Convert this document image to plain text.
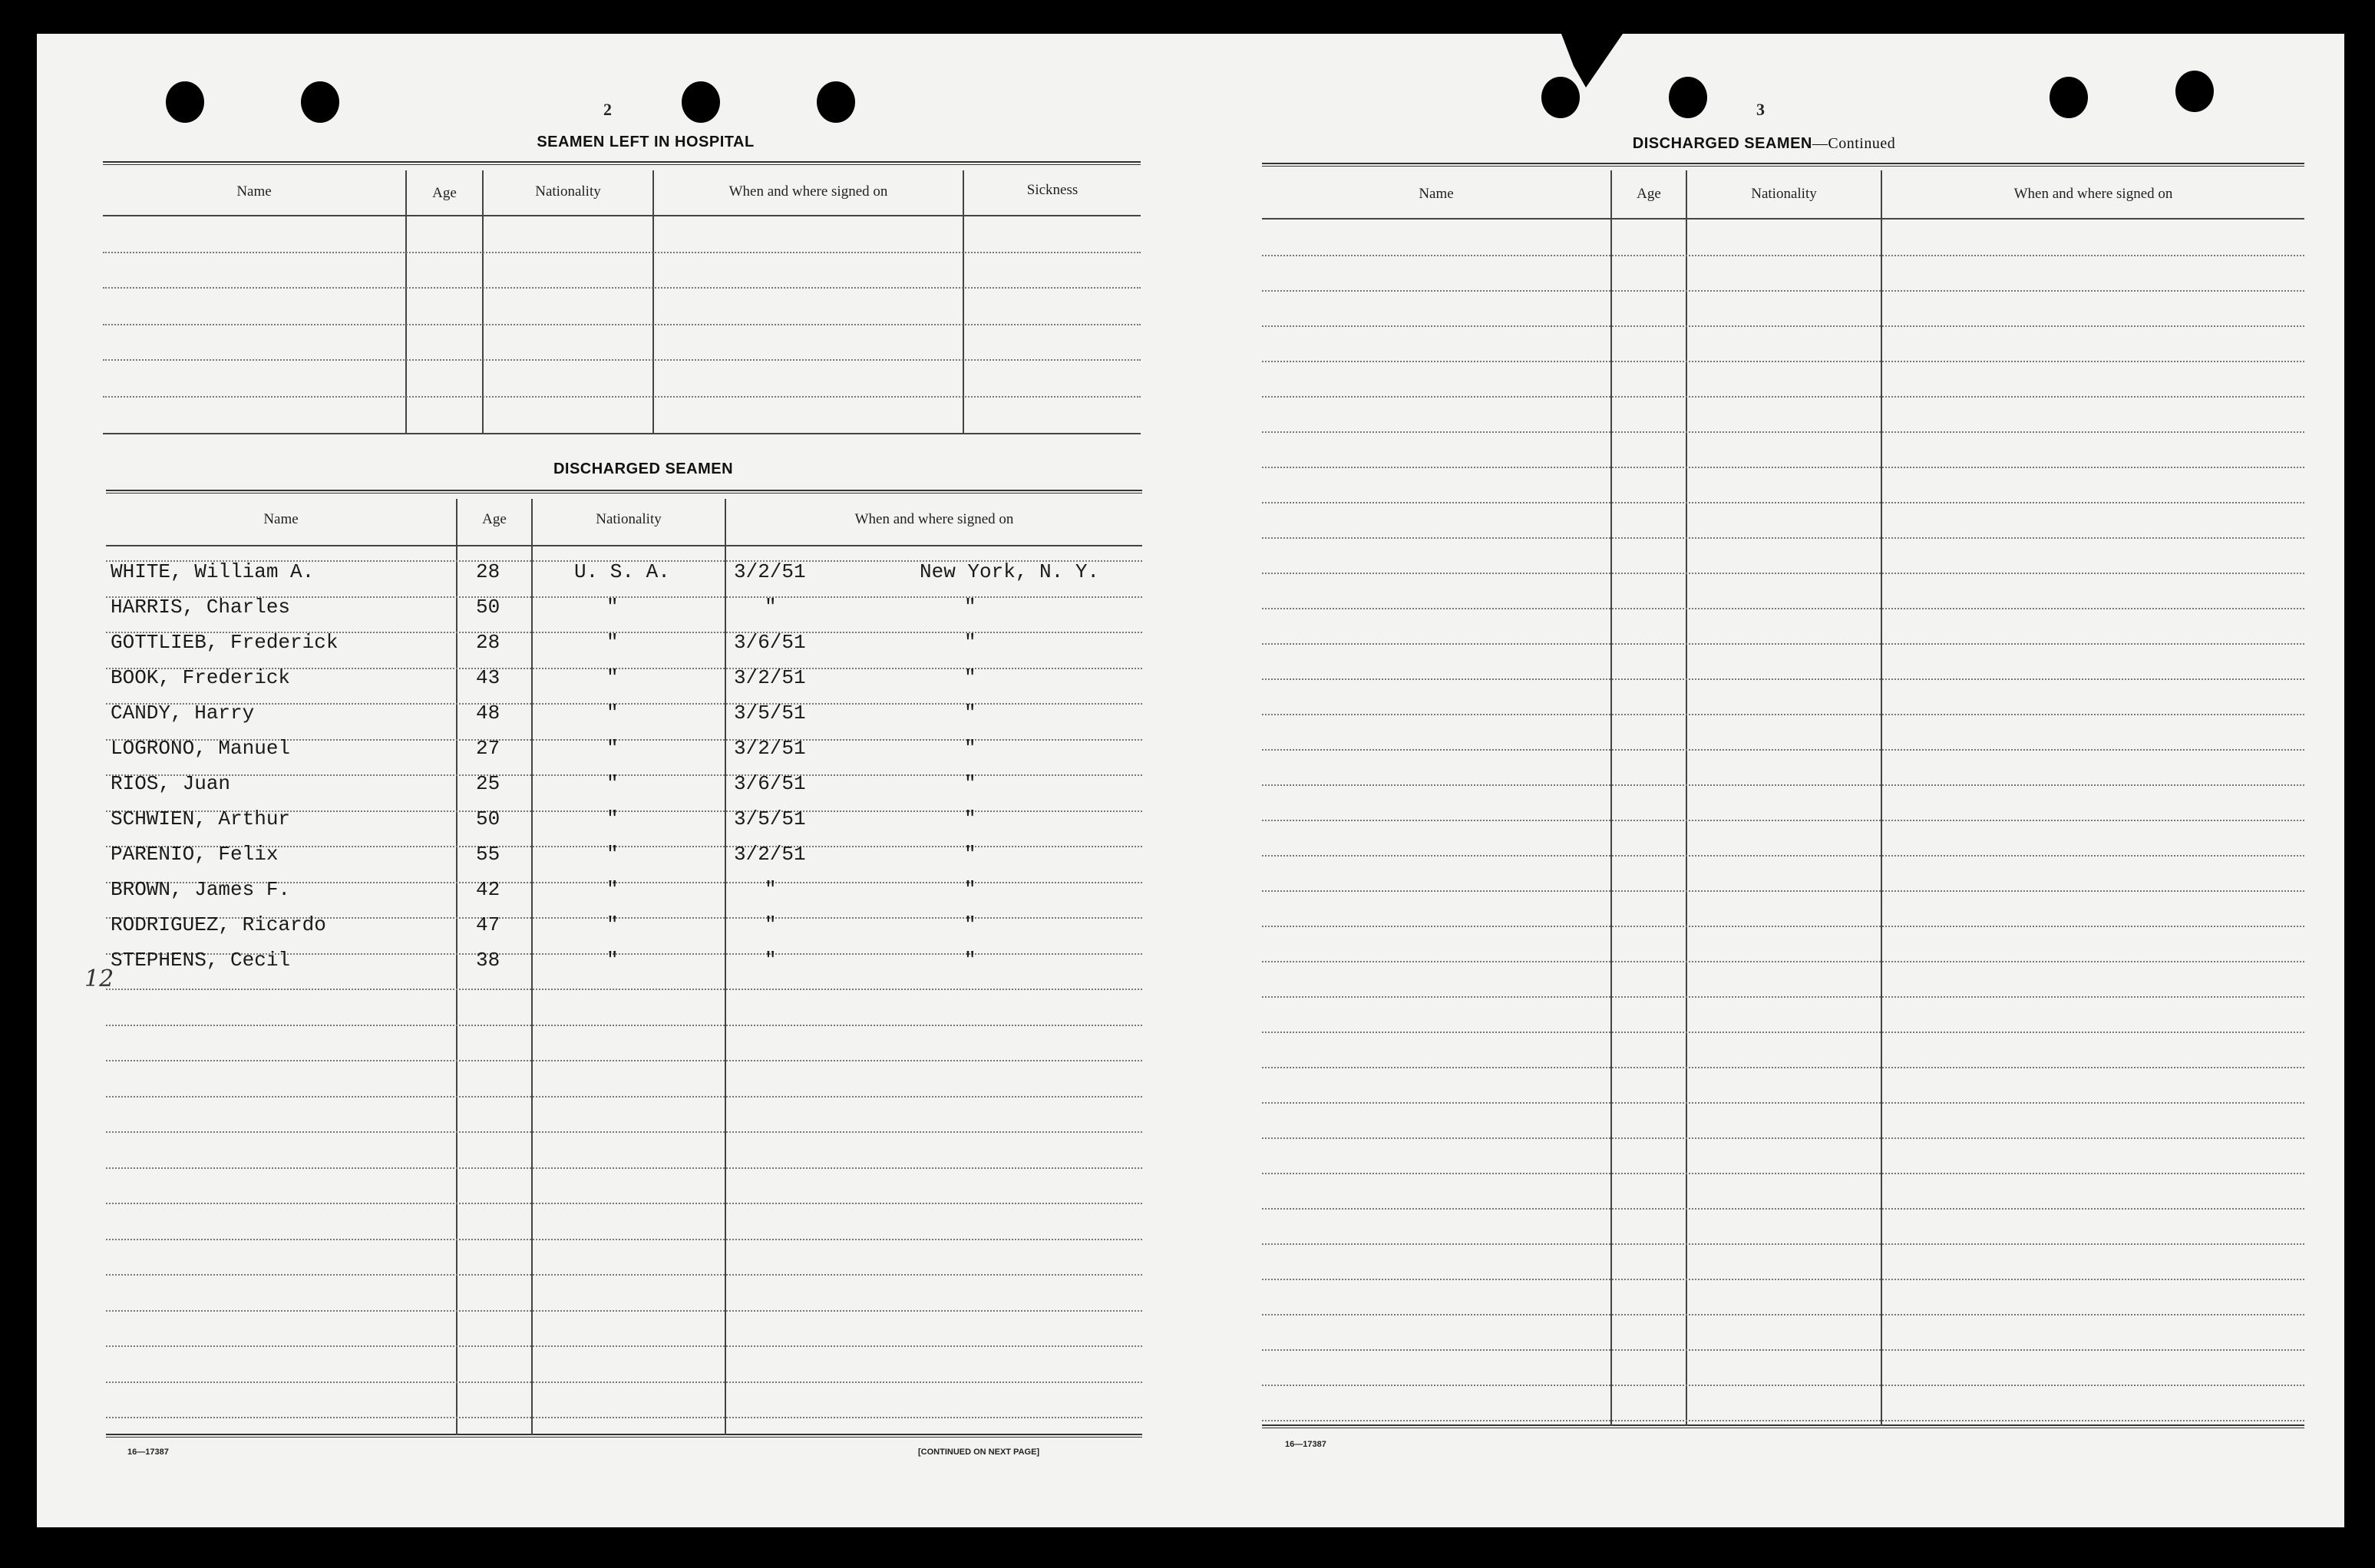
2
SEAMEN LEFT IN HOSPITAL
Name	Age	Nationality	When and where signed on	Sickness
DISCHARGED SEAMEN
Name	Age	Nationality	When and where signed on
WHITE, William A.	28	U. S. A.	3/2/51	New York, N. Y.
HARRIS, Charles	50	"	"	"
GOTTLIEB, Frederick	28	"	3/6/51	"
BOOK, Frederick	43	"	3/2/51	"
CANDY, Harry	48	"	3/5/51	"
LOGRONO, Manuel	27	"	3/2/51	"
RIOS, Juan	25	"	3/6/51	"
SCHWIEN, Arthur	50	"	3/5/51	"
PARENIO, Felix	55	"	3/2/51	"
BROWN, James F.	42	"	"	"
RODRIGUEZ, Ricardo	47	"	"	"
STEPHENS, Cecil	38	"	"	"
12
16—17387	[CONTINUED ON NEXT PAGE]
3
DISCHARGED SEAMEN—Continued
Name	Age	Nationality	When and where signed on
16—17387
